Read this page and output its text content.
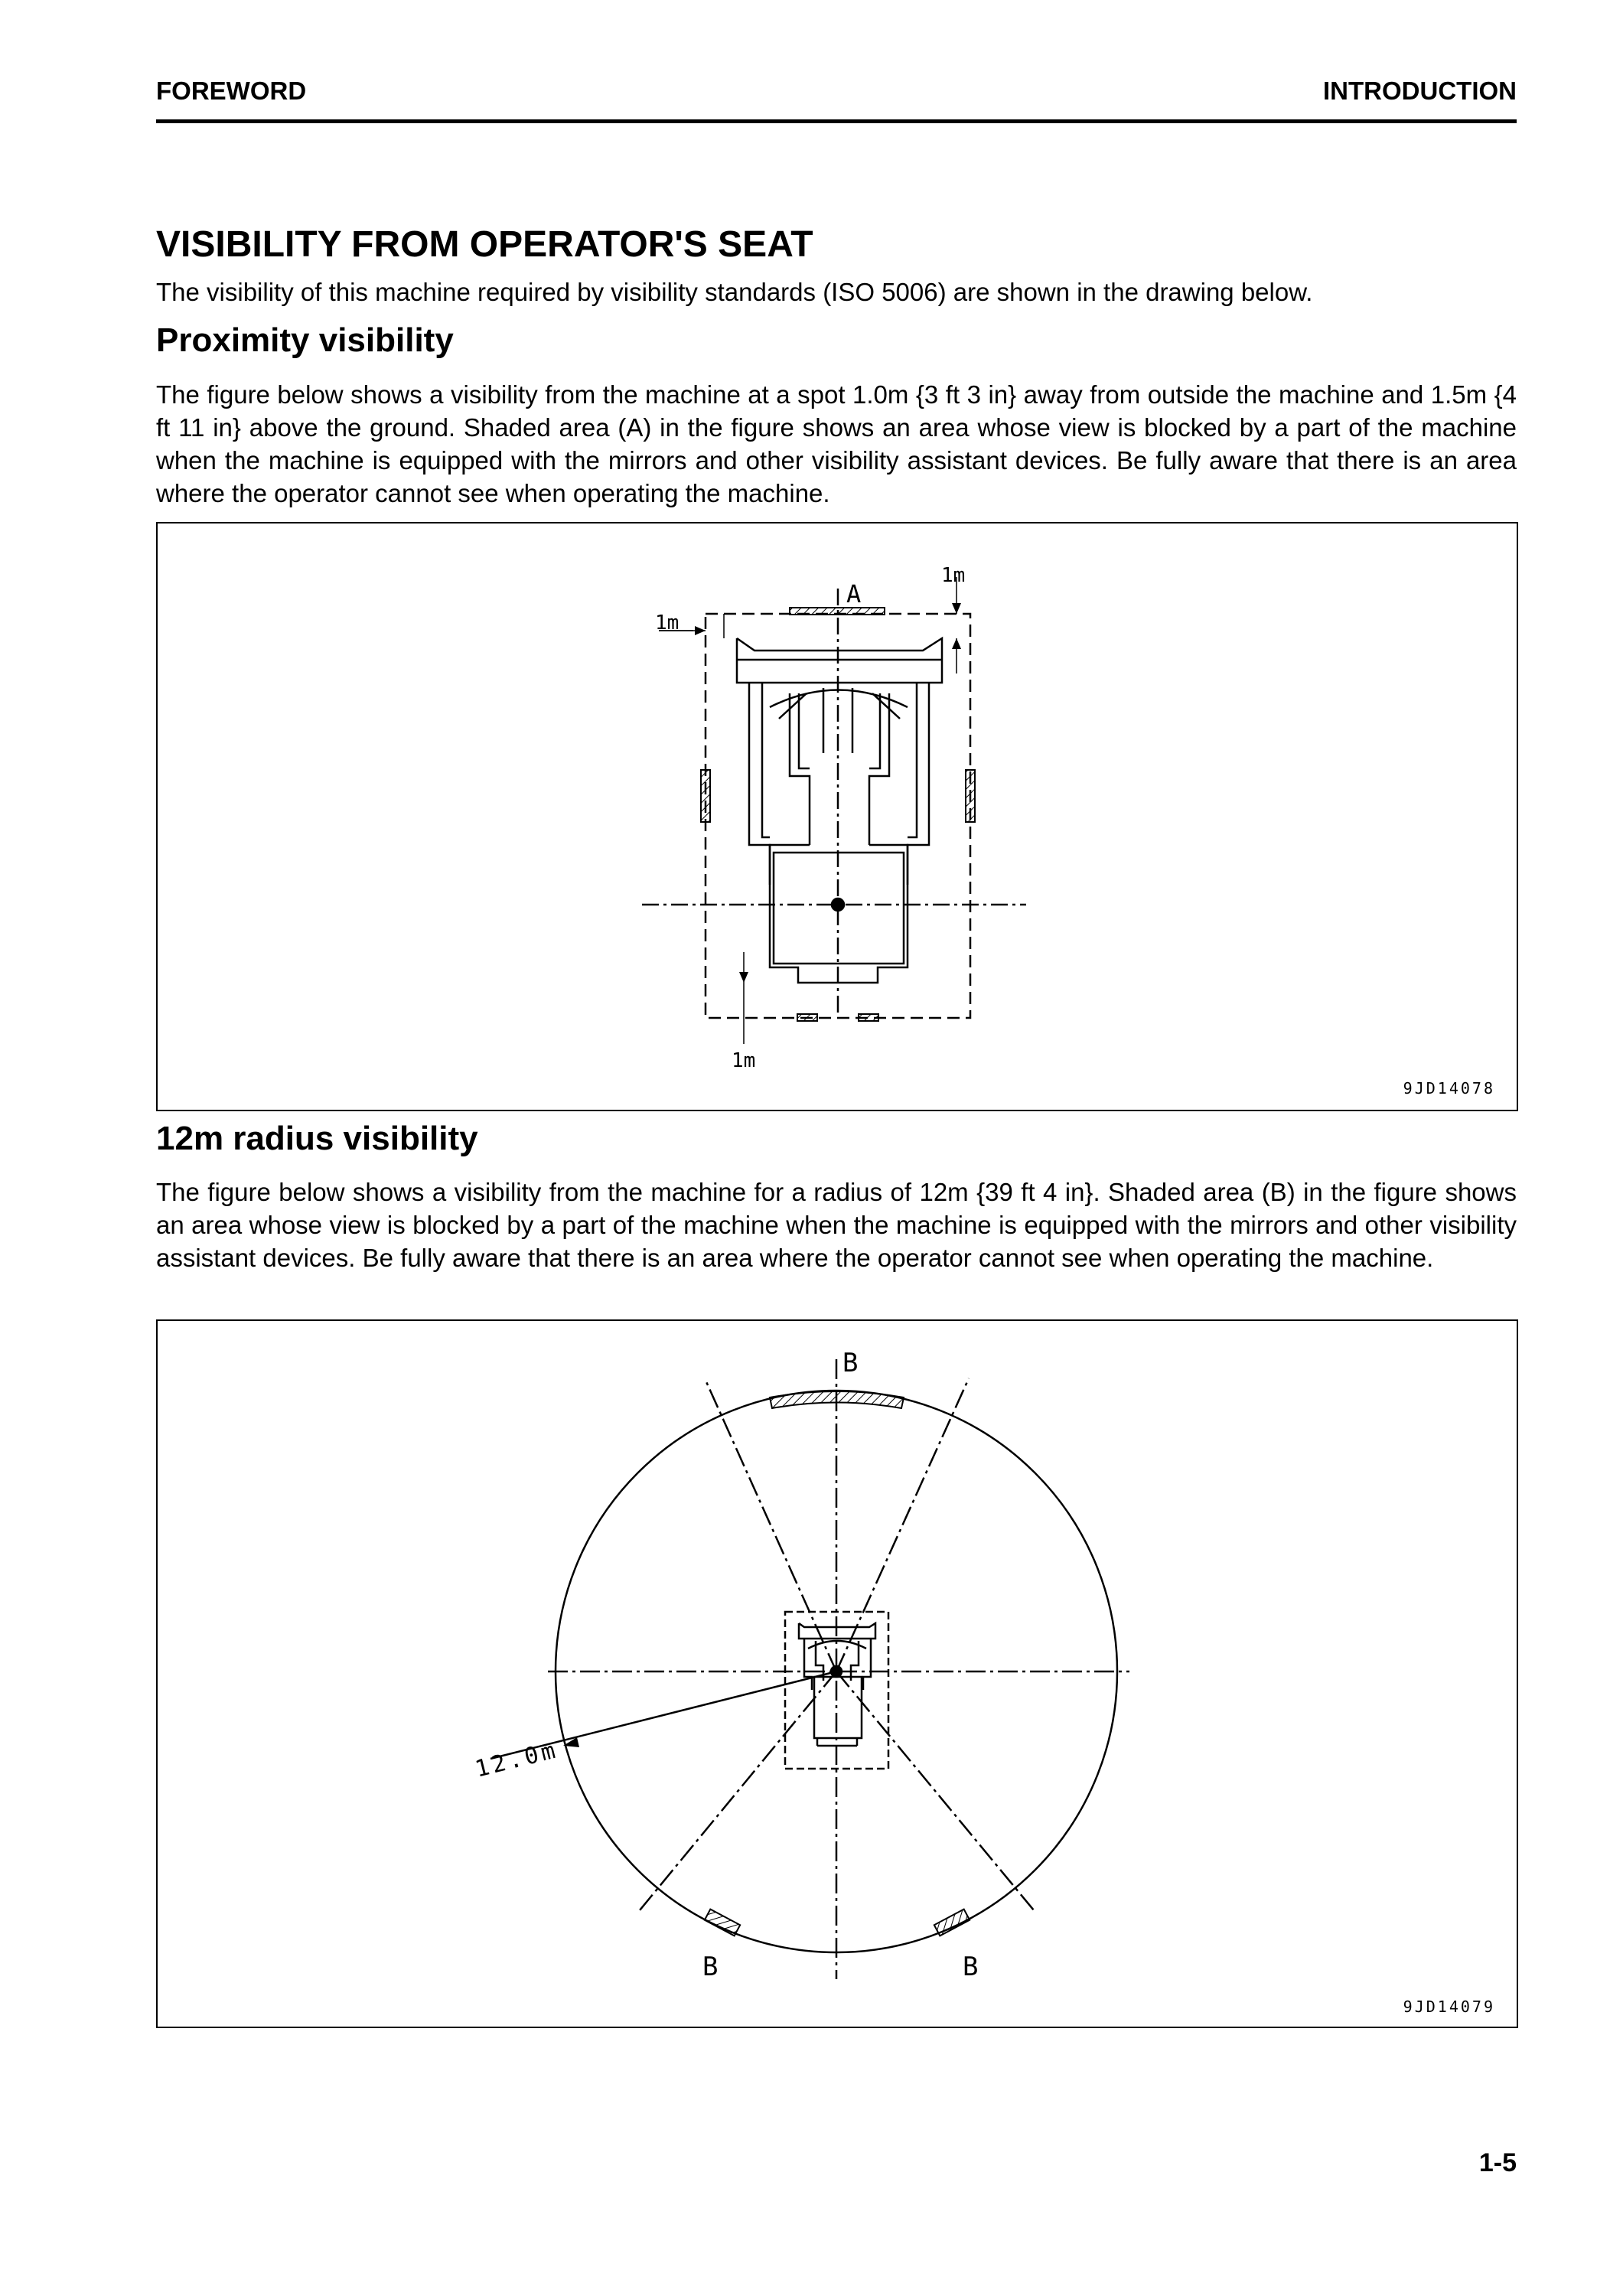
FOREWORD	INTRODUCTION
VISIBILITY FROM OPERATOR'S SEAT

The visibility of this machine required by visibility standards (ISO 5006) are shown in the drawing below.

Proximity visibility

The figure below shows a visibility from the machine at a spot 1.0m {3 ft 3 in} away from outside the machine and 1.5m {4 ft 11 in} above the ground. Shaded area (A) in the figure shows an area whose view is blocked by a part of the machine when the machine is equipped with the mirrors and other visibility assistant devices. Be fully aware that there is an area where the operator cannot see when operating the machine.

A
1m
1m
1m
9JD14078
12m radius visibility

The figure below shows a visibility from the machine for a radius of 12m {39 ft 4 in}. Shaded area (B) in the figure shows an area whose view is blocked by a part of the machine when the machine is equipped with the mirrors and other visibility assistant devices. Be fully aware that there is an area where the operator cannot see when operating the machine.

B
B	B
12.0m
9JD14079
1-5
